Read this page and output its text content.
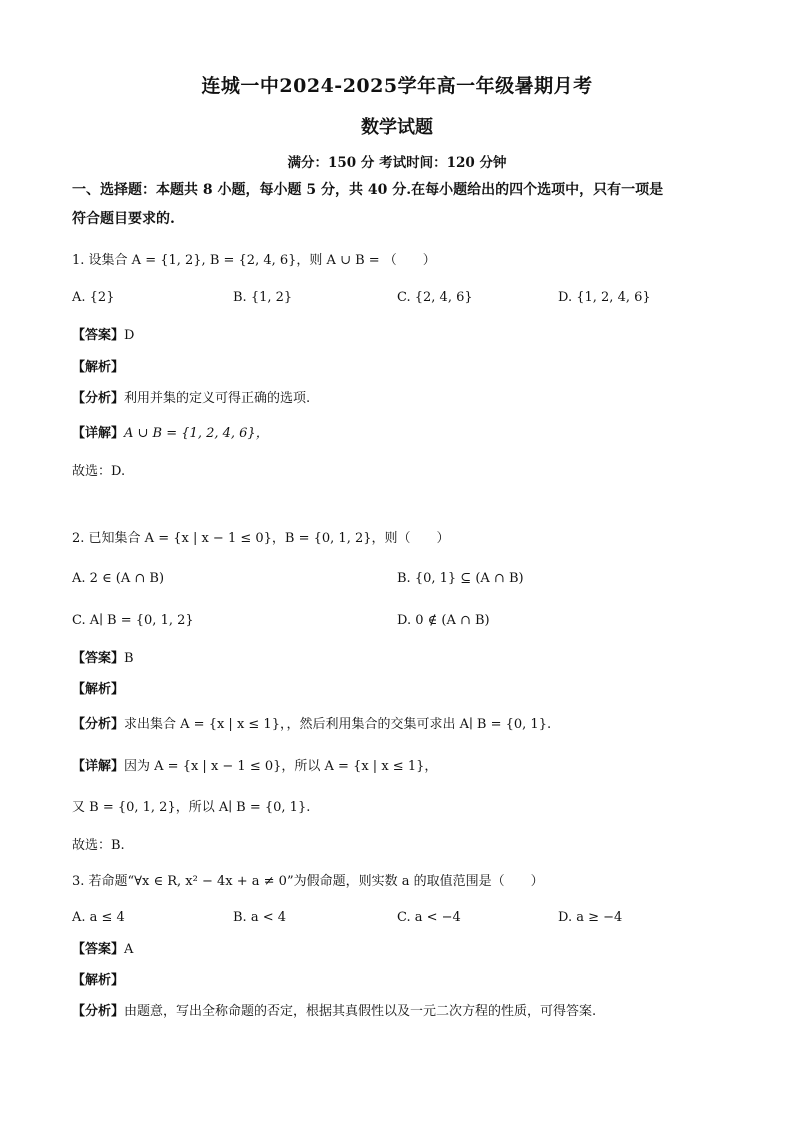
连城一中2024-2025学年高一年级暑期月考
数学试题
满分：150 分 考试时间：120 分钟
一、选择题：本题共 8 小题，每小题 5 分，共 40 分.在每小题给出的四个选项中，只有一项是
符合题目要求的.
1. 设集合 A = {1, 2}, B = {2, 4, 6}，则 A ∪ B = （　　）
A. {2}	B. {1, 2}	C. {2, 4, 6}	D. {1, 2, 4, 6}
【答案】D
【解析】
【分析】利用并集的定义可得正确的选项.
【详解】A ∪ B = {1, 2, 4, 6}，
故选：D.
2. 已知集合 A = {x | x − 1 ≤ 0}，B = {0, 1, 2}，则（　　）
A. 2 ∈ (A ∩ B)	B. {0, 1} ⊆ (A ∩ B)
C. A∣ B = {0, 1, 2}	D. 0 ∉ (A ∩ B)
【答案】B
【解析】
【分析】求出集合 A = {x | x ≤ 1}，，然后利用集合的交集可求出 A∣ B = {0, 1}.
【详解】因为 A = {x | x − 1 ≤ 0}，所以 A = {x | x ≤ 1}，
又 B = {0, 1, 2}，所以 A∣ B = {0, 1}.
故选：B.
3. 若命题“∀x ∈ R, x² − 4x + a ≠ 0”为假命题，则实数 a 的取值范围是（　　）
A. a ≤ 4	B. a < 4	C. a < −4	D. a ≥ −4
【答案】A
【解析】
【分析】由题意，写出全称命题的否定，根据其真假性以及一元二次方程的性质，可得答案.
